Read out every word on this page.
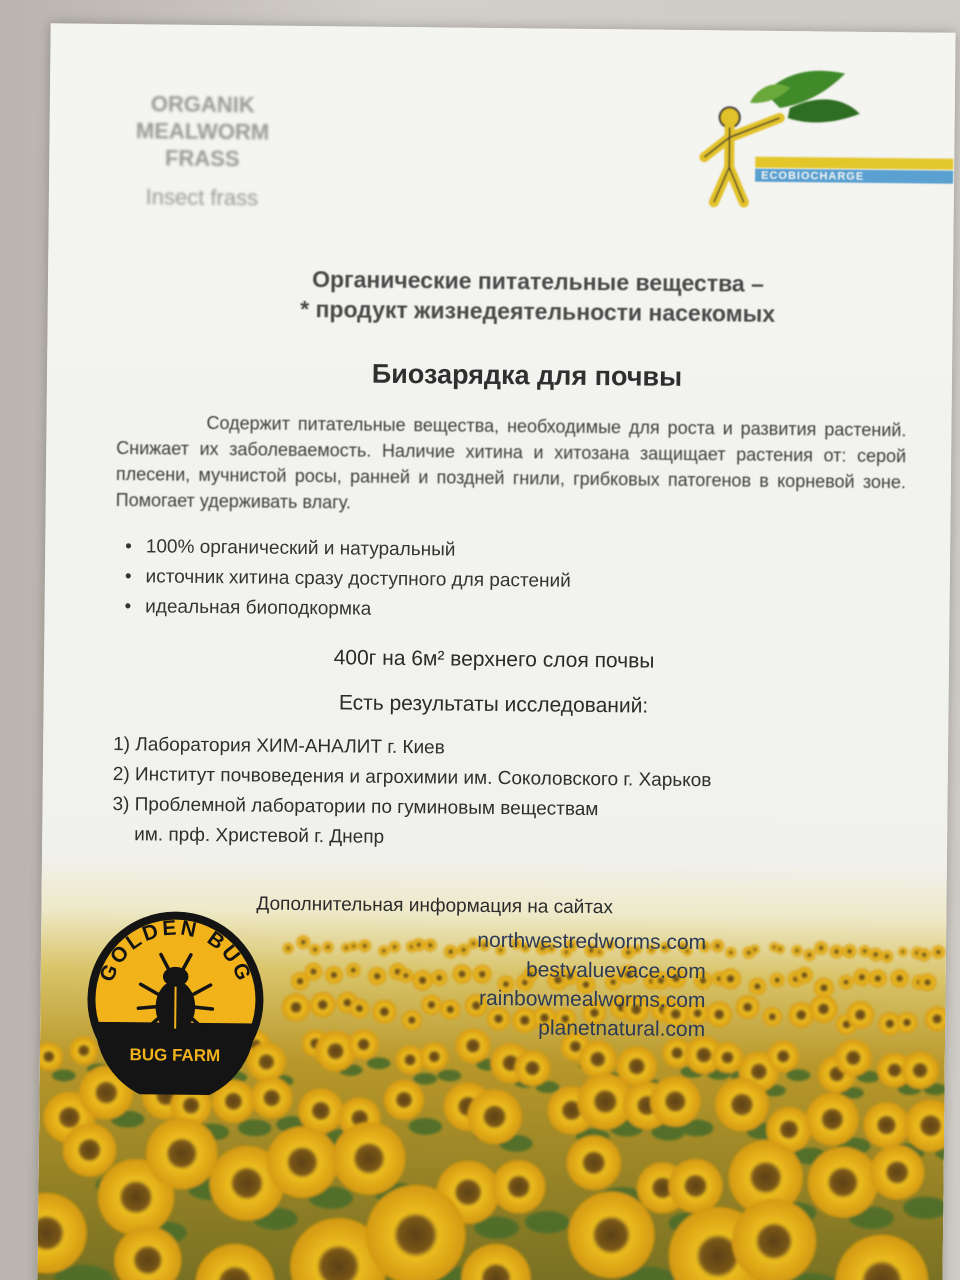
ORGANIK
MEALWORM
FRASS
Insect frass
ECOBIOCHARGE
Органические питательные вещества –
* продукт жизнедеятельности насекомых
Биозарядка для почвы
Содержит питательные вещества, необходимые для роста и развития растений. Снижает их заболеваемость. Наличие хитина и хитозана защищает растения от: серой плесени, мучнистой росы, ранней и поздней гнили, грибковых патогенов в корневой зоне. Помогает удерживать влагу.
• 100% органический и натуральный
• источник хитина сразу доступного для растений
• идеальная биоподкормка
400г на 6м² верхнего слоя почвы
Есть результаты исследований:
1) Лаборатория ХИМ-АНАЛИТ г. Киев
2) Институт почвоведения и агрохимии им. Соколовского г. Харьков
3) Проблемной лаборатории по гуминовым веществам
им. прф. Христевой г. Днепр
Дополнительная информация на сайтах
northwestredworms.com
bestvaluevace.com
rainbowmealworms.com
planetnatural.com
GOLDEN BUG
BUG FARM
